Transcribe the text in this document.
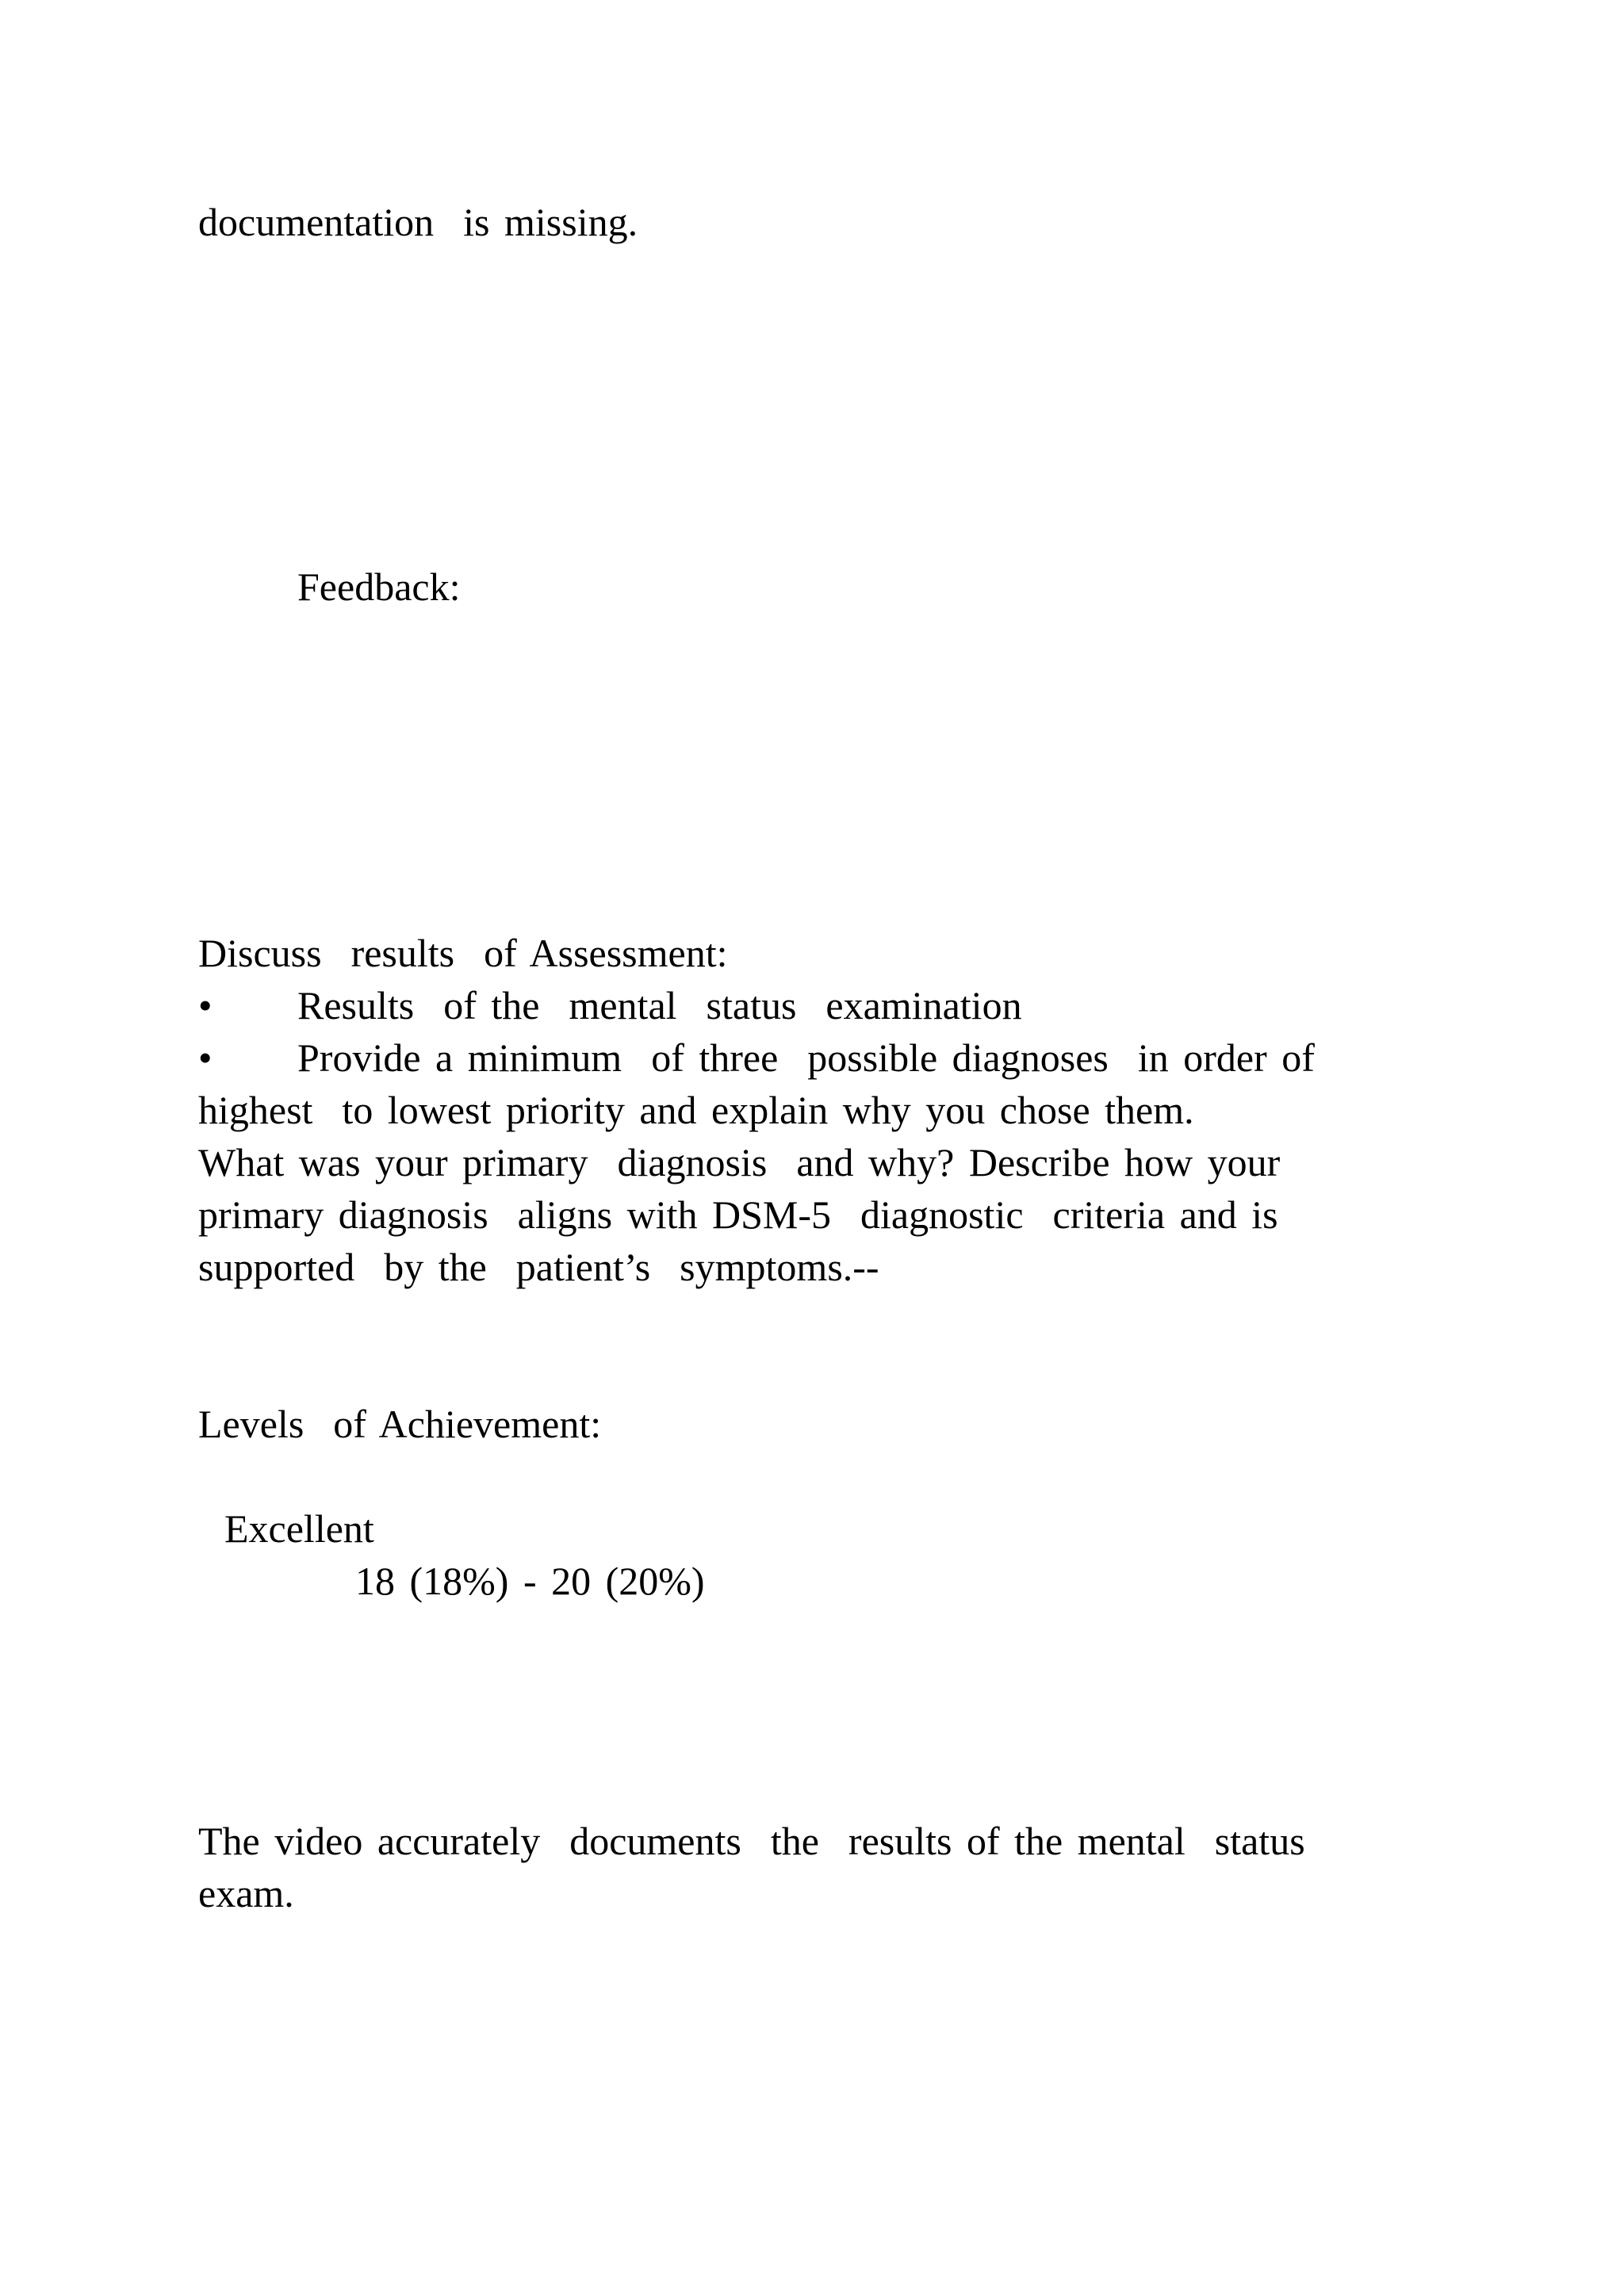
documentation  is missing.
Feedback:
Discuss  results  of Assessment:
• Results  of the  mental  status  examination
• Provide a minimum  of three  possible diagnoses  in order of
highest  to lowest priority and explain why you chose them.
What was your primary  diagnosis  and why? Describe how your
primary diagnosis  aligns with DSM-5  diagnostic  criteria and is
supported  by the  patient’s  symptoms.--
Levels  of Achievement:
Excellent
18 (18%) - 20 (20%)
The video accurately  documents  the  results of the mental  status
exam.
